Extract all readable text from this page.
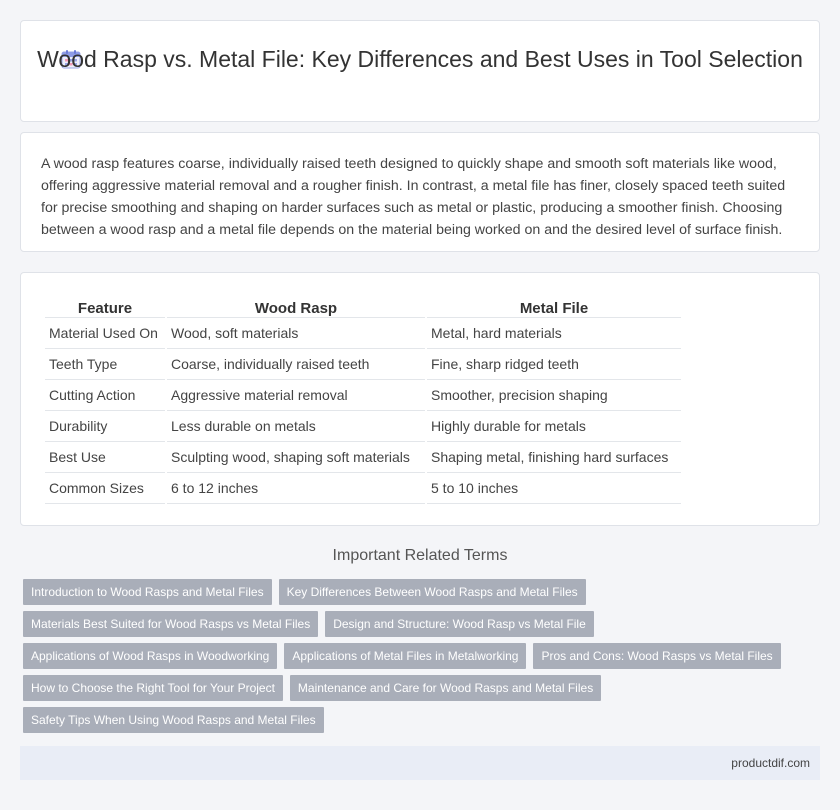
Wood Rasp vs. Metal File: Key Differences and Best Uses in Tool Selection

A wood rasp features coarse, individually raised teeth designed to quickly shape and smooth soft materials like wood, offering aggressive material removal and a rougher finish. In contrast, a metal file has finer, closely spaced teeth suited for precise smoothing and shaping on harder surfaces such as metal or plastic, producing a smoother finish. Choosing between a wood rasp and a metal file depends on the material being worked on and the desired level of surface finish.

Feature	Wood Rasp	Metal File
Material Used On	Wood, soft materials	Metal, hard materials
Teeth Type	Coarse, individually raised teeth	Fine, sharp ridged teeth
Cutting Action	Aggressive material removal	Smoother, precision shaping
Durability	Less durable on metals	Highly durable for metals
Best Use	Sculpting wood, shaping soft materials	Shaping metal, finishing hard surfaces
Common Sizes	6 to 12 inches	5 to 10 inches
Important Related Terms
Introduction to Wood Rasps and Metal Files	Key Differences Between Wood Rasps and Metal Files
Materials Best Suited for Wood Rasps vs Metal Files	Design and Structure: Wood Rasp vs Metal File
Applications of Wood Rasps in Woodworking	Applications of Metal Files in Metalworking	Pros and Cons: Wood Rasps vs Metal Files
How to Choose the Right Tool for Your Project	Maintenance and Care for Wood Rasps and Metal Files
Safety Tips When Using Wood Rasps and Metal Files
productdif.com
